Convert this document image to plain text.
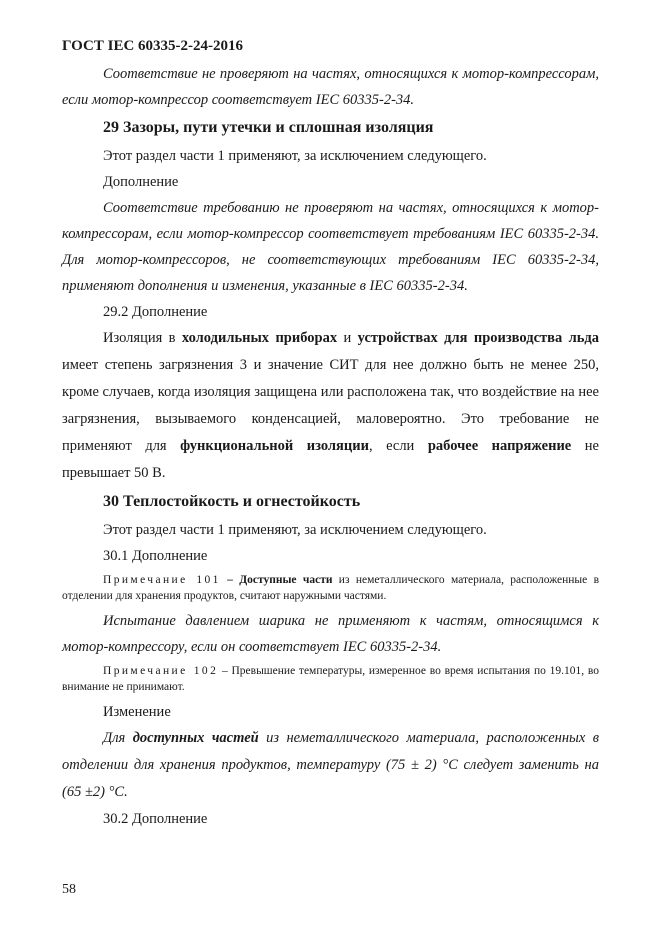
ГОСТ IEC 60335-2-24-2016

Соответствие не проверяют на частях, относящихся к мотор-компрессорам, если мотор-компрессор соответствует IEC 60335-2-34.

29 Зазоры, пути утечки и сплошная изоляция

Этот раздел части 1 применяют, за исключением следующего.

Дополнение

Соответствие требованию не проверяют на частях, относящихся к мотор-компрессорам, если мотор-компрессор соответствует требованиям IEC 60335-2-34. Для мотор-компрессоров, не соответствующих требованиям IEC 60335-2-34, применяют дополнения и изменения, указанные в IEC 60335-2-34.

29.2 Дополнение

Изоляция в холодильных приборах и устройствах для производства льда имеет степень загрязнения 3 и значение СИТ для нее должно быть не менее 250, кроме случаев, когда изоляция защищена или расположена так, что воздействие на нее загрязнения, вызываемого конденсацией, маловероятно. Это требование не применяют для функциональной изоляции, если рабочее напряжение не превышает 50 В.

30 Теплостойкость и огнестойкость

Этот раздел части 1 применяют, за исключением следующего.

30.1 Дополнение

Примечание 101 – Доступные части из неметаллического материала, расположенные в отделении для хранения продуктов, считают наружными частями.

Испытание давлением шарика не применяют к частям, относящимся к мотор-компрессору, если он соответствует IEC 60335-2-34.

Примечание 102 – Превышение температуры, измеренное во время испытания по 19.101, во внимание не принимают.

Изменение

Для доступных частей из неметаллического материала, расположенных в отделении для хранения продуктов, температуру (75 ± 2) °С следует заменить на (65 ±2) °С.

30.2 Дополнение

58
